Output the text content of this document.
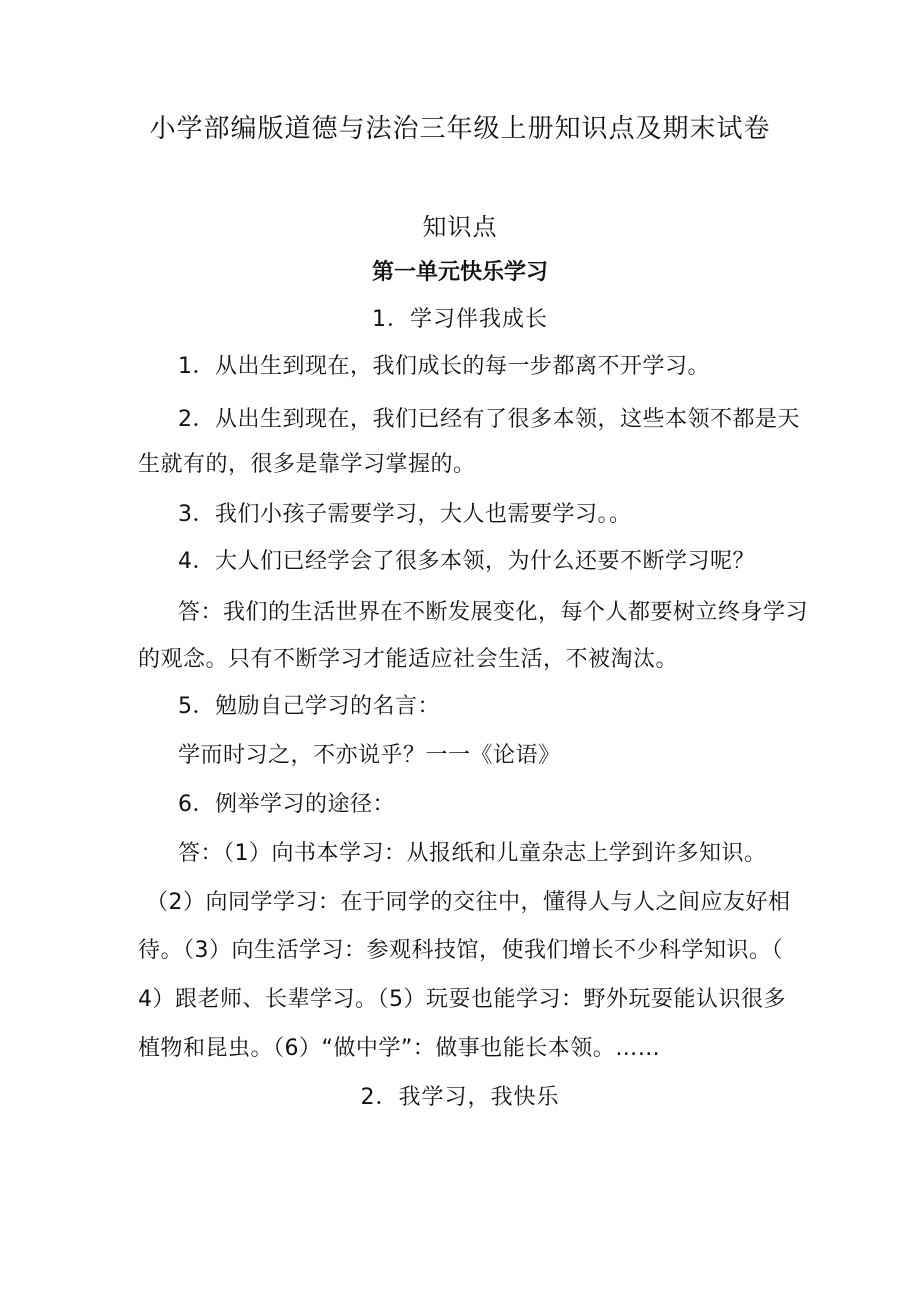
小学部编版道德与法治三年级上册知识点及期末试卷
知识点
第一单元快乐学习
1．学习伴我成长
1．从出生到现在，我们成长的每一步都离不开学习。
2．从出生到现在，我们已经有了很多本领，这些本领不都是天
生就有的，很多是靠学习掌握的。
3．我们小孩子需要学习，大人也需要学习。。
4．大人们已经学会了很多本领，为什么还要不断学习呢？
答：我们的生活世界在不断发展变化，每个人都要树立终身学习
的观念。只有不断学习才能适应社会生活，不被淘汰。
5．勉励自己学习的名言：
学而时习之，不亦说乎？一一《论语》
6．例举学习的途径：
答：（1）向书本学习：从报纸和儿童杂志上学到许多知识。
（2）向同学学习：在于同学的交往中，懂得人与人之间应友好相
待。（3）向生活学习：参观科技馆，使我们增长不少科学知识。（
4）跟老师、长辈学习。（5）玩耍也能学习：野外玩耍能认识很多
植物和昆虫。（6）“做中学”：做事也能长本领。……
2．我学习，我快乐
